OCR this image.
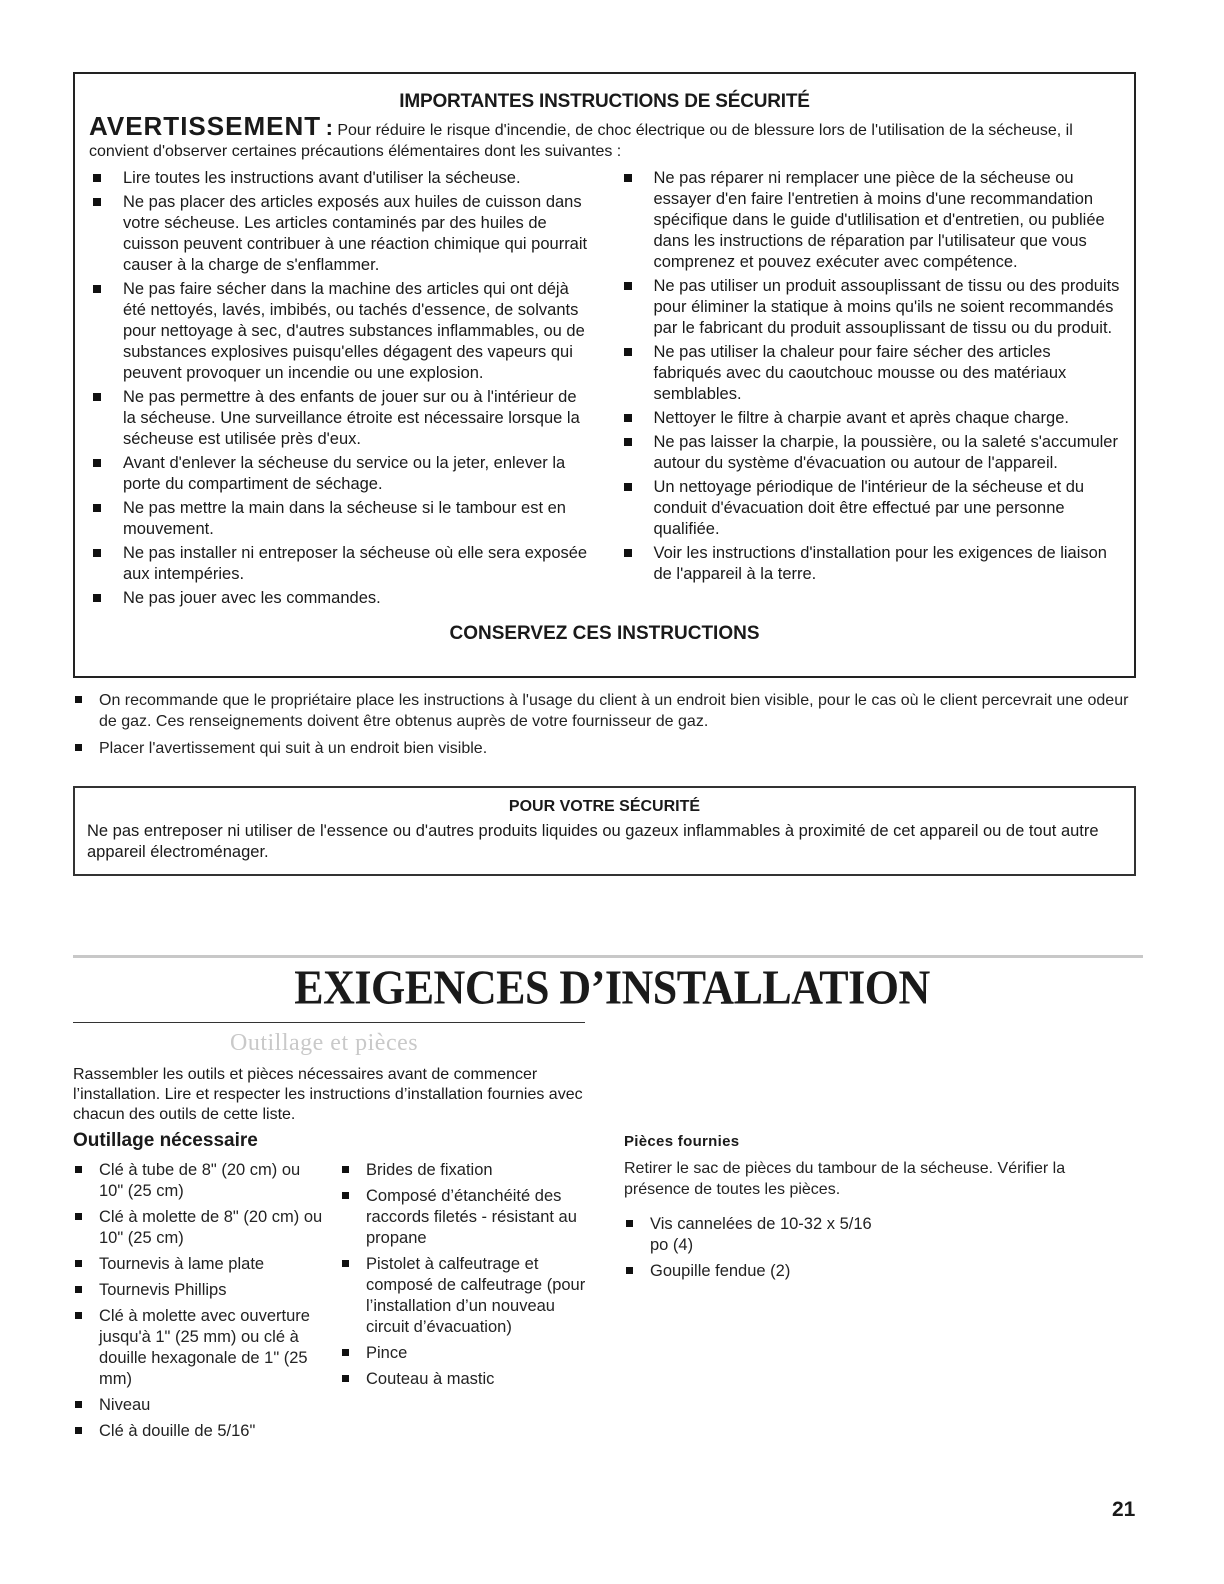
IMPORTANTES INSTRUCTIONS DE SÉCURITÉ

AVERTISSEMENT : Pour réduire le risque d'incendie, de choc électrique ou de blessure lors de l'utilisation de la sécheuse, il convient d'observer certaines précautions élémentaires dont les suivantes :

Lire toutes les instructions avant d'utiliser la sécheuse.
Ne pas placer des articles exposés aux huiles de cuisson dans votre sécheuse. Les articles contaminés par des huiles de cuisson peuvent contribuer à une réaction chimique qui pourrait causer à la charge de s'enflammer.
Ne pas faire sécher dans la machine des articles qui ont déjà été nettoyés, lavés, imbibés, ou tachés d'essence, de solvants pour nettoyage à sec, d'autres substances inflammables, ou de substances explosives puisqu'elles dégagent des vapeurs qui peuvent provoquer un incendie ou une explosion.
Ne pas permettre à des enfants de jouer sur ou à l'intérieur de la sécheuse. Une surveillance étroite est nécessaire lorsque la sécheuse est utilisée près d'eux.
Avant d'enlever la sécheuse du service ou la jeter, enlever la porte du compartiment de séchage.
Ne pas mettre la main dans la sécheuse si le tambour est en mouvement.
Ne pas installer ni entreposer la sécheuse où elle sera exposée aux intempéries.
Ne pas jouer avec les commandes.
Ne pas réparer ni remplacer une pièce de la sécheuse ou essayer d'en faire l'entretien à moins d'une recommandation spécifique dans le guide d'utlilisation et d'entretien, ou publiée dans les instructions de réparation par l'utilisateur que vous comprenez et pouvez exécuter avec compétence.
Ne pas utiliser un produit assouplissant de tissu ou des produits pour éliminer la statique à moins qu'ils ne soient recommandés par le fabricant du produit assouplissant de tissu ou du produit.
Ne pas utiliser la chaleur pour faire sécher des articles fabriqués avec du caoutchouc mousse ou des matériaux semblables.
Nettoyer le filtre à charpie avant et après chaque charge.
Ne pas laisser la charpie, la poussière, ou la saleté s'accumuler autour du système d'évacuation ou autour de l'appareil.
Un nettoyage périodique de l'intérieur de la sécheuse et du conduit d'évacuation doit être effectué par une personne qualifiée.
Voir les instructions d'installation pour les exigences de liaison de l'appareil à la terre.

CONSERVEZ CES INSTRUCTIONS

On recommande que le propriétaire place les instructions à l'usage du client à un endroit bien visible, pour le cas où le client percevrait une odeur de gaz. Ces renseignements doivent être obtenus auprès de votre fournisseur de gaz.
Placer l'avertissement qui suit à un endroit bien visible.

POUR VOTRE SÉCURITÉ

Ne pas entreposer ni utiliser de l'essence ou d'autres produits liquides ou gazeux inflammables à proximité de cet appareil ou de tout autre appareil électroménager.

EXIGENCES D’INSTALLATION
Outillage et pièces

Rassembler les outils et pièces nécessaires avant de commencer l’installation. Lire et respecter les instructions d’installation fournies avec chacun des outils de cette liste.

Outillage nécessaire

Clé à tube de 8" (20 cm) ou 10" (25 cm)
Clé à molette de 8" (20 cm) ou 10" (25 cm)
Tournevis à lame plate
Tournevis Phillips
Clé à molette avec ouverture jusqu'à 1" (25 mm) ou clé à douille hexagonale de 1" (25 mm)
Niveau
Clé à douille de 5/16"
Brides de fixation
Composé d’étanchéité des raccords filetés - résistant au propane
Pistolet à calfeutrage et composé de calfeutrage (pour l’installation d’un nouveau circuit d’évacuation)
Pince
Couteau à mastic

Pièces fournies

Retirer le sac de pièces du tambour de la sécheuse. Vérifier la présence de toutes les pièces.

Vis cannelées de 10-32 x 5/16 po (4)
Goupille fendue (2)
21
